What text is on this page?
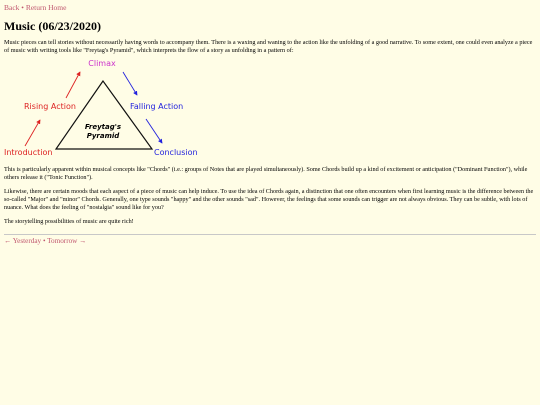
Back • Return Home
Music (06/23/2020)

Music pieces can tell stories without necessarily having words to accompany them. There is a waxing and waning to the action like the unfolding of a good narrative. To some extent, one could even analyze a piece of music with writing tools like "Freytag's Pyramid", which interprets the flow of a story as unfolding in a pattern of:

Freytag's
Pyramid
Climax
Rising Action	Falling Action
Introduction	Conclusion

This is particularly apparent within musical concepts like "Chords" (i.e.: groups of Notes that are played simultaneously). Some Chords build up a kind of excitement or anticipation ("Dominant Function"), while others release it ("Tonic Function").

Likewise, there are certain moods that each aspect of a piece of music can help induce. To use the idea of Chords again, a distinction that one often encounters when first learning music is the difference between the so-called "Major" and "minor" Chords. Generally, one type sounds "happy" and the other sounds "sad". However, the feelings that some sounds can trigger are not always obvious. They can be subtle, with lots of nuance. What does the feeling of "nostalgia" sound like for you?

The storytelling possibilities of music are quite rich!

← Yesterday • Tomorrow →
